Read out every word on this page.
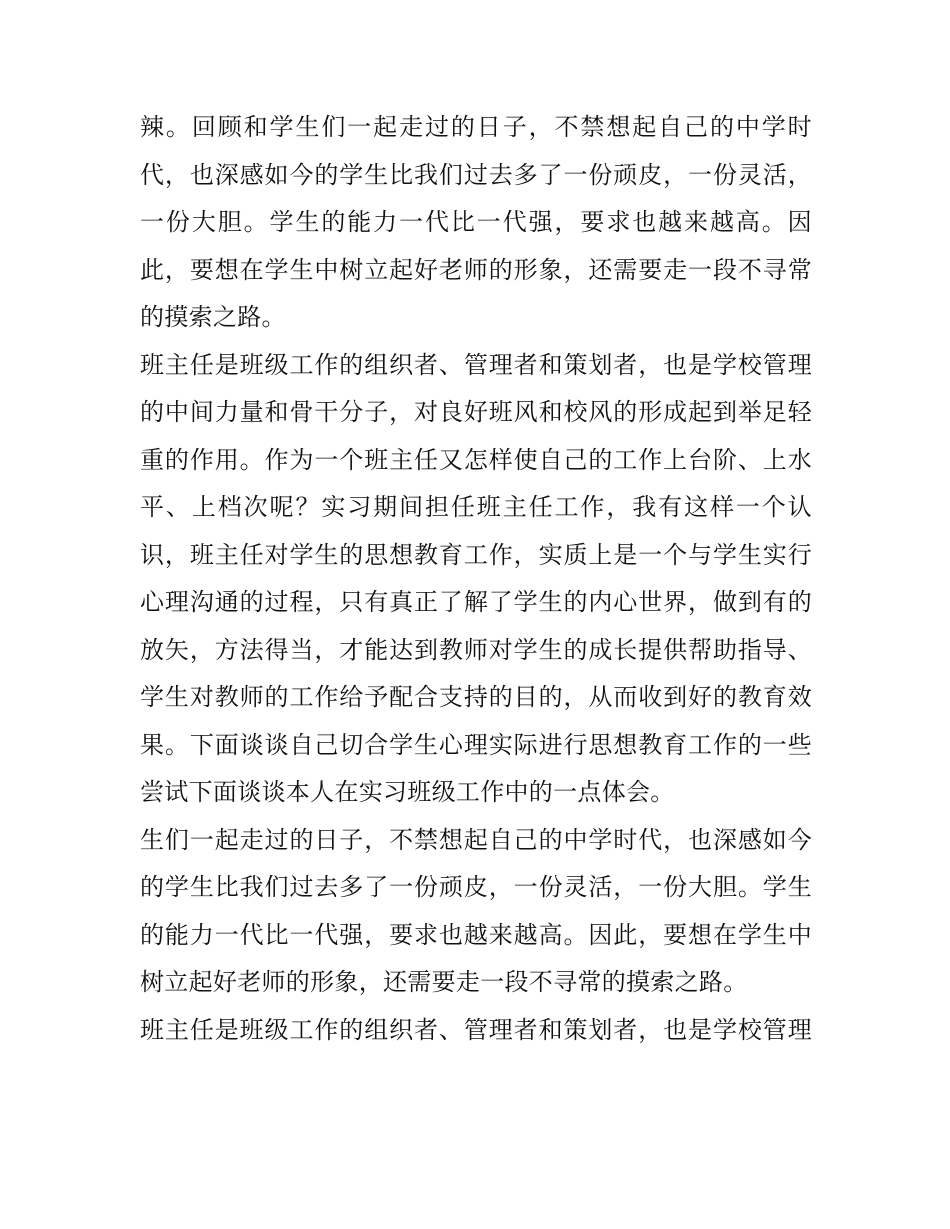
辣。回顾和学生们一起走过的日子，不禁想起自己的中学时
代，也深感如今的学生比我们过去多了一份顽皮，一份灵活，
一份大胆。学生的能力一代比一代强，要求也越来越高。因
此，要想在学生中树立起好老师的形象，还需要走一段不寻常
的摸索之路。
班主任是班级工作的组织者、管理者和策划者，也是学校管理
的中间力量和骨干分子，对良好班风和校风的形成起到举足轻
重的作用。作为一个班主任又怎样使自己的工作上台阶、上水
平、上档次呢？实习期间担任班主任工作，我有这样一个认
识，班主任对学生的思想教育工作，实质上是一个与学生实行
心理沟通的过程，只有真正了解了学生的内心世界，做到有的
放矢，方法得当，才能达到教师对学生的成长提供帮助指导、
学生对教师的工作给予配合支持的目的，从而收到好的教育效
果。下面谈谈自己切合学生心理实际进行思想教育工作的一些
尝试下面谈谈本人在实习班级工作中的一点体会。
生们一起走过的日子，不禁想起自己的中学时代，也深感如今
的学生比我们过去多了一份顽皮，一份灵活，一份大胆。学生
的能力一代比一代强，要求也越来越高。因此，要想在学生中
树立起好老师的形象，还需要走一段不寻常的摸索之路。
班主任是班级工作的组织者、管理者和策划者，也是学校管理
